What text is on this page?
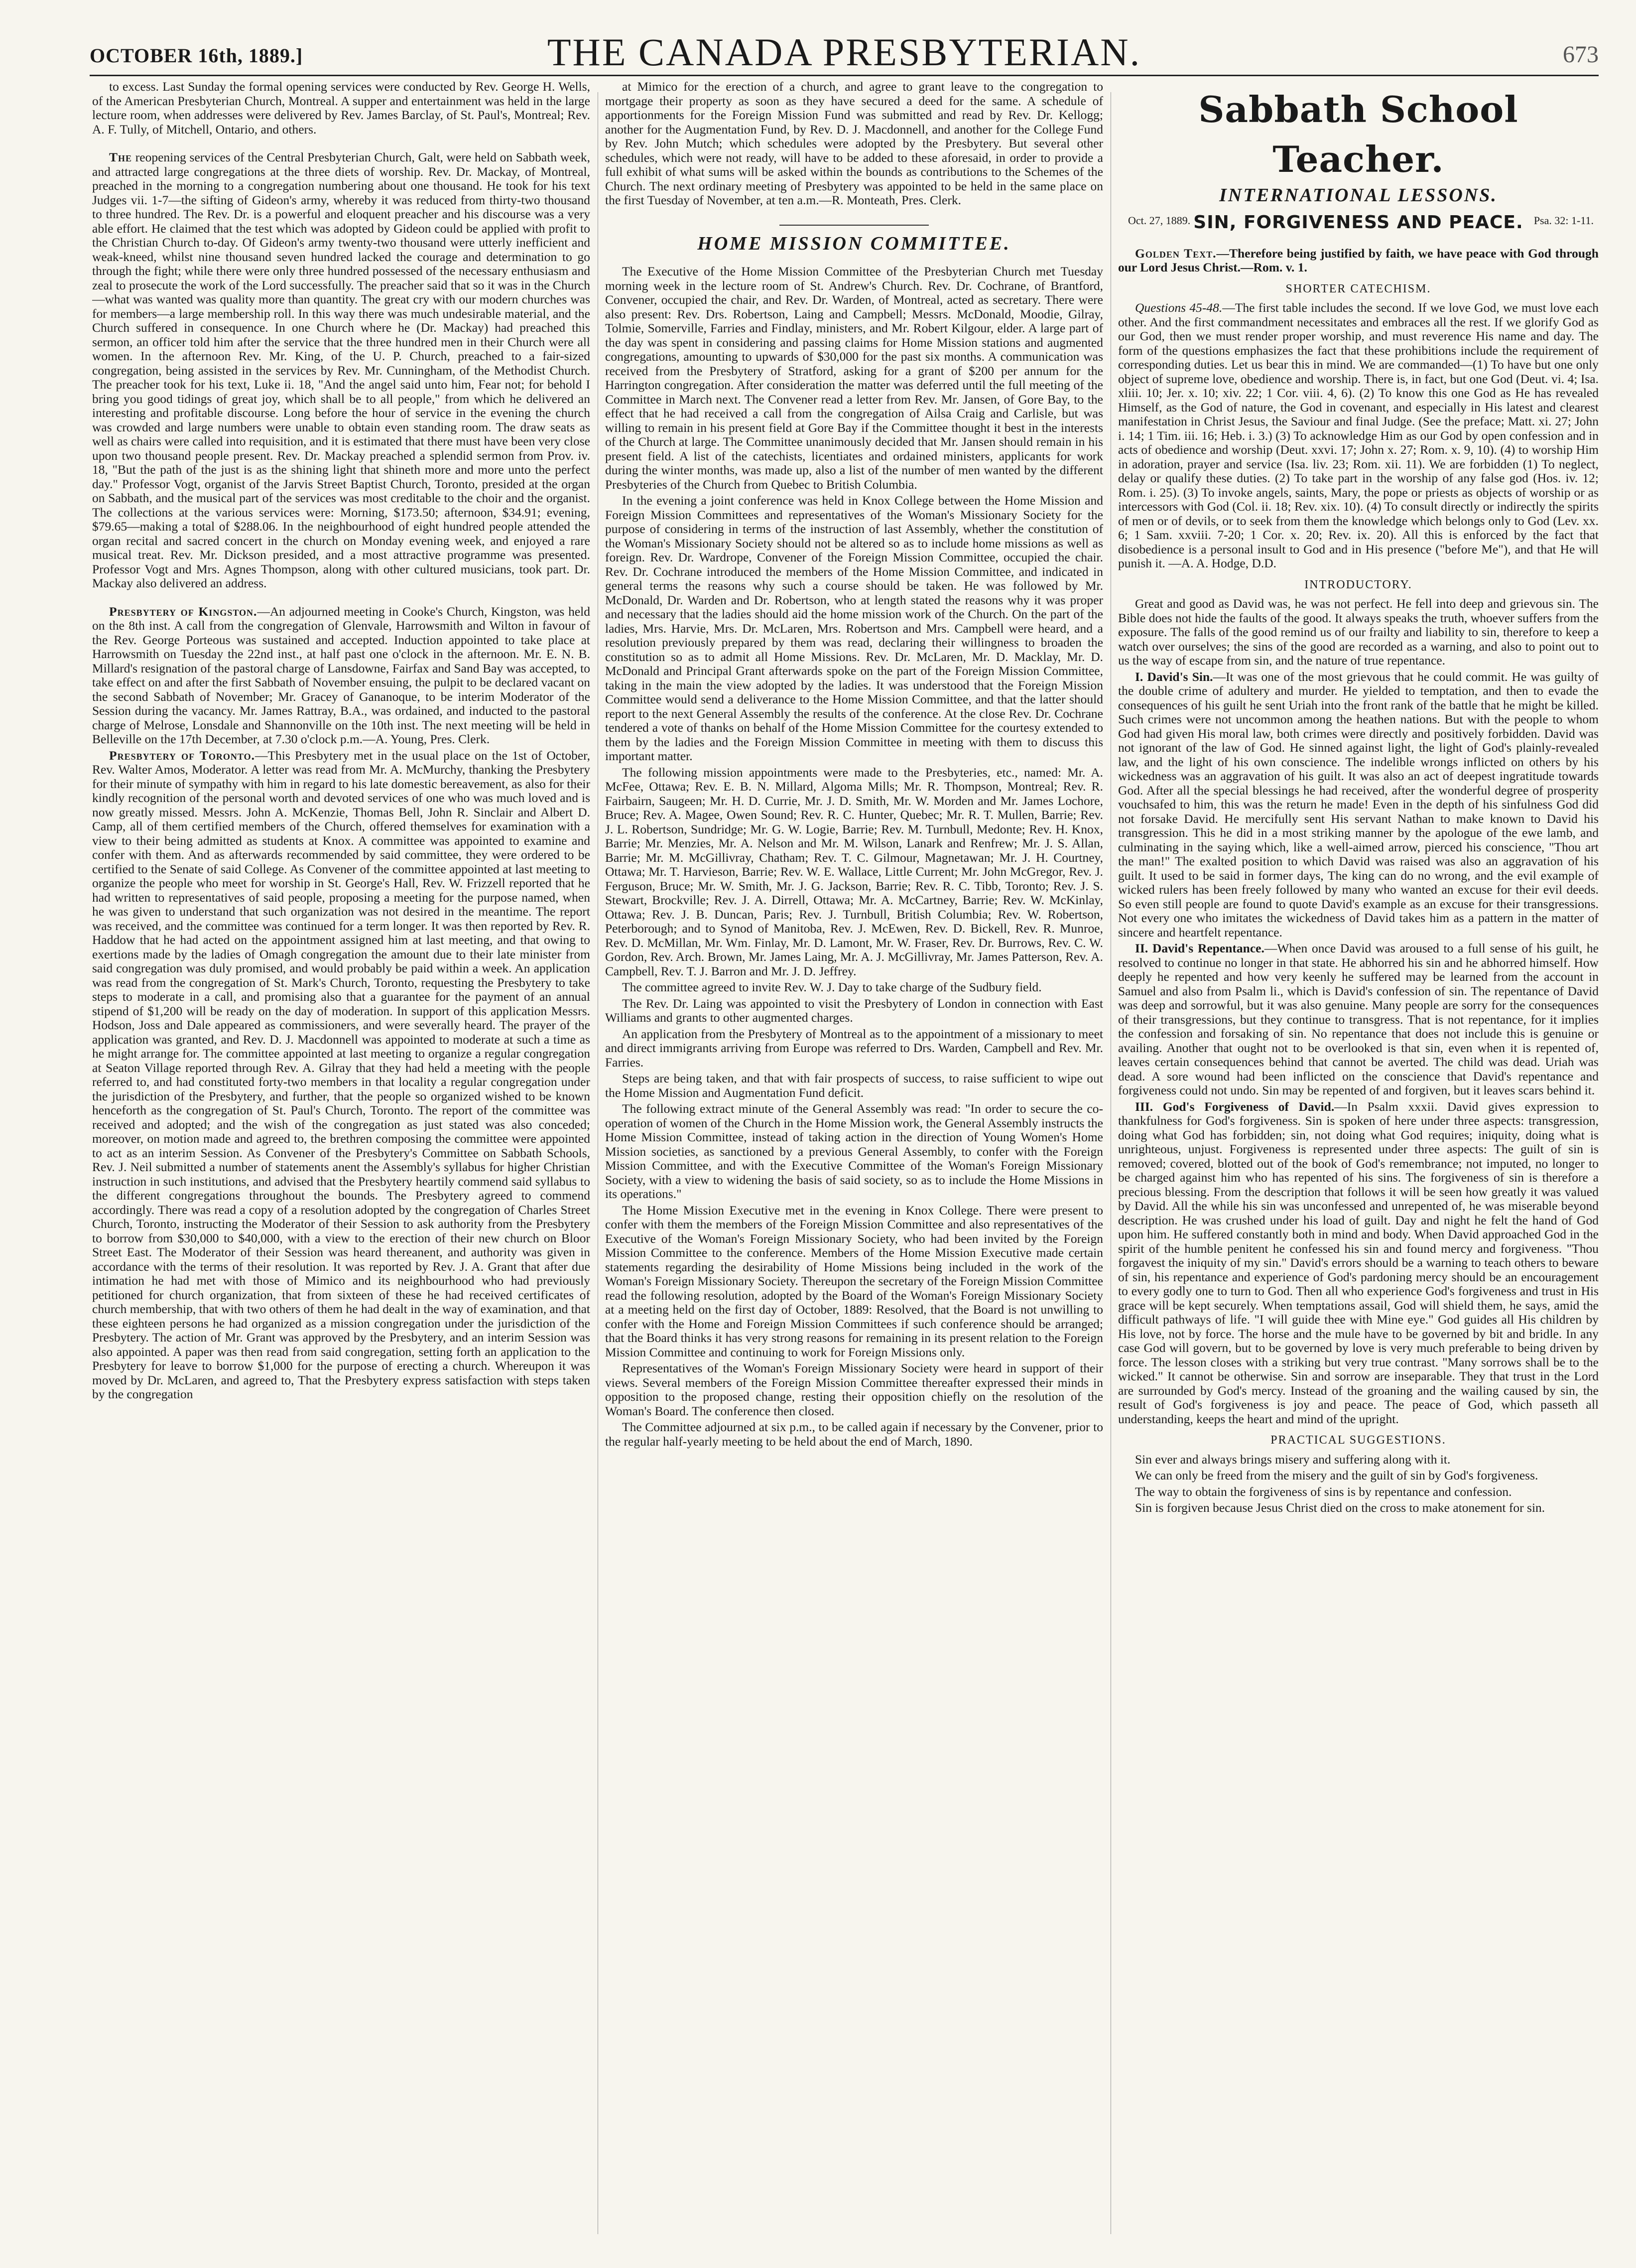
OCTOBER 16th, 1889.]	THE CANADA PRESBYTERIAN.	673

to excess. Last Sunday the formal opening services were conducted by Rev. George H. Wells, of the American Presbyterian Church, Montreal. A supper and entertainment was held in the large lecture room, when addresses were delivered by Rev. James Barclay, of St. Paul's, Montreal; Rev. A. F. Tully, of Mitchell, Ontario, and others.

The reopening services of the Central Presbyterian Church, Galt, were held on Sabbath week, and attracted large congregations at the three diets of worship. Rev. Dr. Mackay, of Montreal, preached in the morning to a congregation numbering about one thousand. He took for his text Judges vii. 1-7—the sifting of Gideon's army, whereby it was reduced from thirty-two thousand to three hundred. The Rev. Dr. is a powerful and eloquent preacher and his discourse was a very able effort. He claimed that the test which was adopted by Gideon could be applied with profit to the Christian Church to-day. Of Gideon's army twenty-two thousand were utterly inefficient and weak-kneed, whilst nine thousand seven hundred lacked the courage and determination to go through the fight; while there were only three hundred possessed of the necessary enthusiasm and zeal to prosecute the work of the Lord successfully. The preacher said that so it was in the Church—what was wanted was quality more than quantity. The great cry with our modern churches was for members—a large membership roll. In this way there was much undesirable material, and the Church suffered in consequence. In one Church where he (Dr. Mackay) had preached this sermon, an officer told him after the service that the three hundred men in their Church were all women. In the afternoon Rev. Mr. King, of the U. P. Church, preached to a fair-sized congregation, being assisted in the services by Rev. Mr. Cunningham, of the Methodist Church. The preacher took for his text, Luke ii. 18, "And the angel said unto him, Fear not; for behold I bring you good tidings of great joy, which shall be to all people," from which he delivered an interesting and profitable discourse. Long before the hour of service in the evening the church was crowded and large numbers were unable to obtain even standing room. The draw seats as well as chairs were called into requisition, and it is estimated that there must have been very close upon two thousand people present. Rev. Dr. Mackay preached a splendid sermon from Prov. iv. 18, "But the path of the just is as the shining light that shineth more and more unto the perfect day." Professor Vogt, organist of the Jarvis Street Baptist Church, Toronto, presided at the organ on Sabbath, and the musical part of the services was most creditable to the choir and the organist. The collections at the various services were: Morning, $173.50; afternoon, $34.91; evening, $79.65—making a total of $288.06. In the neighbourhood of eight hundred people attended the organ recital and sacred concert in the church on Monday evening week, and enjoyed a rare musical treat. Rev. Mr. Dickson presided, and a most attractive programme was presented. Professor Vogt and Mrs. Agnes Thompson, along with other cultured musicians, took part. Dr. Mackay also delivered an address.

Presbytery of Kingston.—An adjourned meeting in Cooke's Church, Kingston, was held on the 8th inst. A call from the congregation of Glenvale, Harrowsmith and Wilton in favour of the Rev. George Porteous was sustained and accepted. Induction appointed to take place at Harrowsmith on Tuesday the 22nd inst., at half past one o'clock in the afternoon. Mr. E. N. B. Millard's resignation of the pastoral charge of Lansdowne, Fairfax and Sand Bay was accepted, to take effect on and after the first Sabbath of November ensuing, the pulpit to be declared vacant on the second Sabbath of November; Mr. Gracey of Gananoque, to be interim Moderator of the Session during the vacancy. Mr. James Rattray, B.A., was ordained, and inducted to the pastoral charge of Melrose, Lonsdale and Shannonville on the 10th inst. The next meeting will be held in Belleville on the 17th December, at 7.30 o'clock p.m.—A. Young, Pres. Clerk.

Presbytery of Toronto.—This Presbytery met in the usual place on the 1st of October, Rev. Walter Amos, Moderator. A letter was read from Mr. A. McMurchy, thanking the Presbytery for their minute of sympathy with him in regard to his late domestic bereavement, as also for their kindly recognition of the personal worth and devoted services of one who was much loved and is now greatly missed. Messrs. John A. McKenzie, Thomas Bell, John R. Sinclair and Albert D. Camp, all of them certified members of the Church, offered themselves for examination with a view to their being admitted as students at Knox. A committee was appointed to examine and confer with them. And as afterwards recommended by said committee, they were ordered to be certified to the Senate of said College. As Convener of the committee appointed at last meeting to organize the people who meet for worship in St. George's Hall, Rev. W. Frizzell reported that he had written to representatives of said people, proposing a meeting for the purpose named, when he was given to understand that such organization was not desired in the meantime. The report was received, and the committee was continued for a term longer. It was then reported by Rev. R. Haddow that he had acted on the appointment assigned him at last meeting, and that owing to exertions made by the ladies of Omagh congregation the amount due to their late minister from said congregation was duly promised, and would probably be paid within a week. An application was read from the congregation of St. Mark's Church, Toronto, requesting the Presbytery to take steps to moderate in a call, and promising also that a guarantee for the payment of an annual stipend of $1,200 will be ready on the day of moderation. In support of this application Messrs. Hodson, Joss and Dale appeared as commissioners, and were severally heard. The prayer of the application was granted, and Rev. D. J. Macdonnell was appointed to moderate at such a time as he might arrange for. The committee appointed at last meeting to organize a regular congregation at Seaton Village reported through Rev. A. Gilray that they had held a meeting with the people referred to, and had constituted forty-two members in that locality a regular congregation under the jurisdiction of the Presbytery, and further, that the people so organized wished to be known henceforth as the congregation of St. Paul's Church, Toronto. The report of the committee was received and adopted; and the wish of the congregation as just stated was also conceded; moreover, on motion made and agreed to, the brethren composing the committee were appointed to act as an interim Session. As Convener of the Presbytery's Committee on Sabbath Schools, Rev. J. Neil submitted a number of statements anent the Assembly's syllabus for higher Christian instruction in such institutions, and advised that the Presbytery heartily commend said syllabus to the different congregations throughout the bounds. The Presbytery agreed to commend accordingly. There was read a copy of a resolution adopted by the congregation of Charles Street Church, Toronto, instructing the Moderator of their Session to ask authority from the Presbytery to borrow from $30,000 to $40,000, with a view to the erection of their new church on Bloor Street East. The Moderator of their Session was heard thereanent, and authority was given in accordance with the terms of their resolution. It was reported by Rev. J. A. Grant that after due intimation he had met with those of Mimico and its neighbourhood who had previously petitioned for church organization, that from sixteen of these he had received certificates of church membership, that with two others of them he had dealt in the way of examination, and that these eighteen persons he had organized as a mission congregation under the jurisdiction of the Presbytery. The action of Mr. Grant was approved by the Presbytery, and an interim Session was also appointed. A paper was then read from said congregation, setting forth an application to the Presbytery for leave to borrow $1,000 for the purpose of erecting a church. Whereupon it was moved by Dr. McLaren, and agreed to, That the Presbytery express satisfaction with steps taken by the congregation

at Mimico for the erection of a church, and agree to grant leave to the congregation to mortgage their property as soon as they have secured a deed for the same. A schedule of apportionments for the Foreign Mission Fund was submitted and read by Rev. Dr. Kellogg; another for the Augmentation Fund, by Rev. D. J. Macdonnell, and another for the College Fund by Rev. John Mutch; which schedules were adopted by the Presbytery. But several other schedules, which were not ready, will have to be added to these aforesaid, in order to provide a full exhibit of what sums will be asked within the bounds as contributions to the Schemes of the Church. The next ordinary meeting of Presbytery was appointed to be held in the same place on the first Tuesday of November, at ten a.m.—R. Monteath, Pres. Clerk.

HOME MISSION COMMITTEE.

The Executive of the Home Mission Committee of the Presbyterian Church met Tuesday morning week in the lecture room of St. Andrew's Church. Rev. Dr. Cochrane, of Brantford, Convener, occupied the chair, and Rev. Dr. Warden, of Montreal, acted as secretary. There were also present: Rev. Drs. Robertson, Laing and Campbell; Messrs. McDonald, Moodie, Gilray, Tolmie, Somerville, Farries and Findlay, ministers, and Mr. Robert Kilgour, elder. A large part of the day was spent in considering and passing claims for Home Mission stations and augmented congregations, amounting to upwards of $30,000 for the past six months. A communication was received from the Presbytery of Stratford, asking for a grant of $200 per annum for the Harrington congregation. After consideration the matter was deferred until the full meeting of the Committee in March next. The Convener read a letter from Rev. Mr. Jansen, of Gore Bay, to the effect that he had received a call from the congregation of Ailsa Craig and Carlisle, but was willing to remain in his present field at Gore Bay if the Committee thought it best in the interests of the Church at large. The Committee unanimously decided that Mr. Jansen should remain in his present field. A list of the catechists, licentiates and ordained ministers, applicants for work during the winter months, was made up, also a list of the number of men wanted by the different Presbyteries of the Church from Quebec to British Columbia.

In the evening a joint conference was held in Knox College between the Home Mission and Foreign Mission Committees and representatives of the Woman's Missionary Society for the purpose of considering in terms of the instruction of last Assembly, whether the constitution of the Woman's Missionary Society should not be altered so as to include home missions as well as foreign. Rev. Dr. Wardrope, Convener of the Foreign Mission Committee, occupied the chair. Rev. Dr. Cochrane introduced the members of the Home Mission Committee, and indicated in general terms the reasons why such a course should be taken. He was followed by Mr. McDonald, Dr. Warden and Dr. Robertson, who at length stated the reasons why it was proper and necessary that the ladies should aid the home mission work of the Church. On the part of the ladies, Mrs. Harvie, Mrs. Dr. McLaren, Mrs. Robertson and Mrs. Campbell were heard, and a resolution previously prepared by them was read, declaring their willingness to broaden the constitution so as to admit all Home Missions. Rev. Dr. McLaren, Mr. D. Macklay, Mr. D. McDonald and Principal Grant afterwards spoke on the part of the Foreign Mission Committee, taking in the main the view adopted by the ladies. It was understood that the Foreign Mission Committee would send a deliverance to the Home Mission Committee, and that the latter should report to the next General Assembly the results of the conference. At the close Rev. Dr. Cochrane tendered a vote of thanks on behalf of the Home Mission Committee for the courtesy extended to them by the ladies and the Foreign Mission Committee in meeting with them to discuss this important matter.

The following mission appointments were made to the Presbyteries, etc., named: Mr. A. McFee, Ottawa; Rev. E. B. N. Millard, Algoma Mills; Mr. R. Thompson, Montreal; Rev. R. Fairbairn, Saugeen; Mr. H. D. Currie, Mr. J. D. Smith, Mr. W. Morden and Mr. James Lochore, Bruce; Rev. A. Magee, Owen Sound; Rev. R. C. Hunter, Quebec; Mr. R. T. Mullen, Barrie; Rev. J. L. Robertson, Sundridge; Mr. G. W. Logie, Barrie; Rev. M. Turnbull, Medonte; Rev. H. Knox, Barrie; Mr. Menzies, Mr. A. Nelson and Mr. M. Wilson, Lanark and Renfrew; Mr. J. S. Allan, Barrie; Mr. M. McGillivray, Chatham; Rev. T. C. Gilmour, Magnetawan; Mr. J. H. Courtney, Ottawa; Mr. T. Harvieson, Barrie; Rev. W. E. Wallace, Little Current; Mr. John McGregor, Rev. J. Ferguson, Bruce; Mr. W. Smith, Mr. J. G. Jackson, Barrie; Rev. R. C. Tibb, Toronto; Rev. J. S. Stewart, Brockville; Rev. J. A. Dirrell, Ottawa; Mr. A. McCartney, Barrie; Rev. W. McKinlay, Ottawa; Rev. J. B. Duncan, Paris; Rev. J. Turnbull, British Columbia; Rev. W. Robertson, Peterborough; and to Synod of Manitoba, Rev. J. McEwen, Rev. D. Bickell, Rev. R. Munroe, Rev. D. McMillan, Mr. Wm. Finlay, Mr. D. Lamont, Mr. W. Fraser, Rev. Dr. Burrows, Rev. C. W. Gordon, Rev. Arch. Brown, Mr. James Laing, Mr. A. J. McGillivray, Mr. James Patterson, Rev. A. Campbell, Rev. T. J. Barron and Mr. J. D. Jeffrey.

The committee agreed to invite Rev. W. J. Day to take charge of the Sudbury field.

The Rev. Dr. Laing was appointed to visit the Presbytery of London in connection with East Williams and grants to other augmented charges.

An application from the Presbytery of Montreal as to the appointment of a missionary to meet and direct immigrants arriving from Europe was referred to Drs. Warden, Campbell and Rev. Mr. Farries.

Steps are being taken, and that with fair prospects of success, to raise sufficient to wipe out the Home Mission and Augmentation Fund deficit.

The following extract minute of the General Assembly was read: "In order to secure the co-operation of women of the Church in the Home Mission work, the General Assembly instructs the Home Mission Committee, instead of taking action in the direction of Young Women's Home Mission societies, as sanctioned by a previous General Assembly, to confer with the Foreign Mission Committee, and with the Executive Committee of the Woman's Foreign Missionary Society, with a view to widening the basis of said society, so as to include the Home Missions in its operations."

The Home Mission Executive met in the evening in Knox College. There were present to confer with them the members of the Foreign Mission Committee and also representatives of the Executive of the Woman's Foreign Missionary Society, who had been invited by the Foreign Mission Committee to the conference. Members of the Home Mission Executive made certain statements regarding the desirability of Home Missions being included in the work of the Woman's Foreign Missionary Society. Thereupon the secretary of the Foreign Mission Committee read the following resolution, adopted by the Board of the Woman's Foreign Missionary Society at a meeting held on the first day of October, 1889: Resolved, that the Board is not unwilling to confer with the Home and Foreign Mission Committees if such conference should be arranged; that the Board thinks it has very strong reasons for remaining in its present relation to the Foreign Mission Committee and continuing to work for Foreign Missions only.

Representatives of the Woman's Foreign Missionary Society were heard in support of their views. Several members of the Foreign Mission Committee thereafter expressed their minds in opposition to the proposed change, resting their opposition chiefly on the resolution of the Woman's Board. The conference then closed.

The Committee adjourned at six p.m., to be called again if necessary by the Convener, prior to the regular half-yearly meeting to be held about the end of March, 1890.

Sabbath School Teacher.
INTERNATIONAL LESSONS.
Oct. 27, 1889. SIN, FORGIVENESS AND PEACE. Psa. 32: 1-11.

Golden Text.—Therefore being justified by faith, we have peace with God through our Lord Jesus Christ.—Rom. v. 1.

SHORTER CATECHISM.

Questions 45-48.—The first table includes the second. If we love God, we must love each other. And the first commandment necessitates and embraces all the rest. If we glorify God as our God, then we must render proper worship, and must reverence His name and day. The form of the questions emphasizes the fact that these prohibitions include the requirement of corresponding duties. Let us bear this in mind. We are commanded—(1) To have but one only object of supreme love, obedience and worship. There is, in fact, but one God (Deut. vi. 4; Isa. xliii. 10; Jer. x. 10; xiv. 22; 1 Cor. viii. 4, 6). (2) To know this one God as He has revealed Himself, as the God of nature, the God in covenant, and especially in His latest and clearest manifestation in Christ Jesus, the Saviour and final Judge. (See the preface; Matt. xi. 27; John i. 14; 1 Tim. iii. 16; Heb. i. 3.) (3) To acknowledge Him as our God by open confession and in acts of obedience and worship (Deut. xxvi. 17; John x. 27; Rom. x. 9, 10). (4) to worship Him in adoration, prayer and service (Isa. liv. 23; Rom. xii. 11). We are forbidden (1) To neglect, delay or qualify these duties. (2) To take part in the worship of any false god (Hos. iv. 12; Rom. i. 25). (3) To invoke angels, saints, Mary, the pope or priests as objects of worship or as intercessors with God (Col. ii. 18; Rev. xix. 10). (4) To consult directly or indirectly the spirits of men or of devils, or to seek from them the knowledge which belongs only to God (Lev. xx. 6; 1 Sam. xxviii. 7-20; 1 Cor. x. 20; Rev. ix. 20). All this is enforced by the fact that disobedience is a personal insult to God and in His presence ("before Me"), and that He will punish it. —A. A. Hodge, D.D.

INTRODUCTORY.

Great and good as David was, he was not perfect. He fell into deep and grievous sin. The Bible does not hide the faults of the good. It always speaks the truth, whoever suffers from the exposure. The falls of the good remind us of our frailty and liability to sin, therefore to keep a watch over ourselves; the sins of the good are recorded as a warning, and also to point out to us the way of escape from sin, and the nature of true repentance.

I. David's Sin.—It was one of the most grievous that he could commit. He was guilty of the double crime of adultery and murder. He yielded to temptation, and then to evade the consequences of his guilt he sent Uriah into the front rank of the battle that he might be killed. Such crimes were not uncommon among the heathen nations. But with the people to whom God had given His moral law, both crimes were directly and positively forbidden. David was not ignorant of the law of God. He sinned against light, the light of God's plainly-revealed law, and the light of his own conscience. The indelible wrongs inflicted on others by his wickedness was an aggravation of his guilt. It was also an act of deepest ingratitude towards God. After all the special blessings he had received, after the wonderful degree of prosperity vouchsafed to him, this was the return he made! Even in the depth of his sinfulness God did not forsake David. He mercifully sent His servant Nathan to make known to David his transgression. This he did in a most striking manner by the apologue of the ewe lamb, and culminating in the saying which, like a well-aimed arrow, pierced his conscience, "Thou art the man!" The exalted position to which David was raised was also an aggravation of his guilt. It used to be said in former days, The king can do no wrong, and the evil example of wicked rulers has been freely followed by many who wanted an excuse for their evil deeds. So even still people are found to quote David's example as an excuse for their transgressions. Not every one who imitates the wickedness of David takes him as a pattern in the matter of sincere and heartfelt repentance.

II. David's Repentance.—When once David was aroused to a full sense of his guilt, he resolved to continue no longer in that state. He abhorred his sin and he abhorred himself. How deeply he repented and how very keenly he suffered may be learned from the account in Samuel and also from Psalm li., which is David's confession of sin. The repentance of David was deep and sorrowful, but it was also genuine. Many people are sorry for the consequences of their transgressions, but they continue to transgress. That is not repentance, for it implies the confession and forsaking of sin. No repentance that does not include this is genuine or availing. Another that ought not to be overlooked is that sin, even when it is repented of, leaves certain consequences behind that cannot be averted. The child was dead. Uriah was dead. A sore wound had been inflicted on the conscience that David's repentance and forgiveness could not undo. Sin may be repented of and forgiven, but it leaves scars behind it.

III. God's Forgiveness of David.—In Psalm xxxii. David gives expression to thankfulness for God's forgiveness. Sin is spoken of here under three aspects: transgression, doing what God has forbidden; sin, not doing what God requires; iniquity, doing what is unrighteous, unjust. Forgiveness is represented under three aspects: The guilt of sin is removed; covered, blotted out of the book of God's remembrance; not imputed, no longer to be charged against him who has repented of his sins. The forgiveness of sin is therefore a precious blessing. From the description that follows it will be seen how greatly it was valued by David. All the while his sin was unconfessed and unrepented of, he was miserable beyond description. He was crushed under his load of guilt. Day and night he felt the hand of God upon him. He suffered constantly both in mind and body. When David approached God in the spirit of the humble penitent he confessed his sin and found mercy and forgiveness. "Thou forgavest the iniquity of my sin." David's errors should be a warning to teach others to beware of sin, his repentance and experience of God's pardoning mercy should be an encouragement to every godly one to turn to God. Then all who experience God's forgiveness and trust in His grace will be kept securely. When temptations assail, God will shield them, he says, amid the difficult pathways of life. "I will guide thee with Mine eye." God guides all His children by His love, not by force. The horse and the mule have to be governed by bit and bridle. In any case God will govern, but to be governed by love is very much preferable to being driven by force. The lesson closes with a striking but very true contrast. "Many sorrows shall be to the wicked." It cannot be otherwise. Sin and sorrow are inseparable. They that trust in the Lord are surrounded by God's mercy. Instead of the groaning and the wailing caused by sin, the result of God's forgiveness is joy and peace. The peace of God, which passeth all understanding, keeps the heart and mind of the upright.

PRACTICAL SUGGESTIONS.

Sin ever and always brings misery and suffering along with it.

We can only be freed from the misery and the guilt of sin by God's forgiveness.

The way to obtain the forgiveness of sins is by repentance and confession.

Sin is forgiven because Jesus Christ died on the cross to make atonement for sin.
